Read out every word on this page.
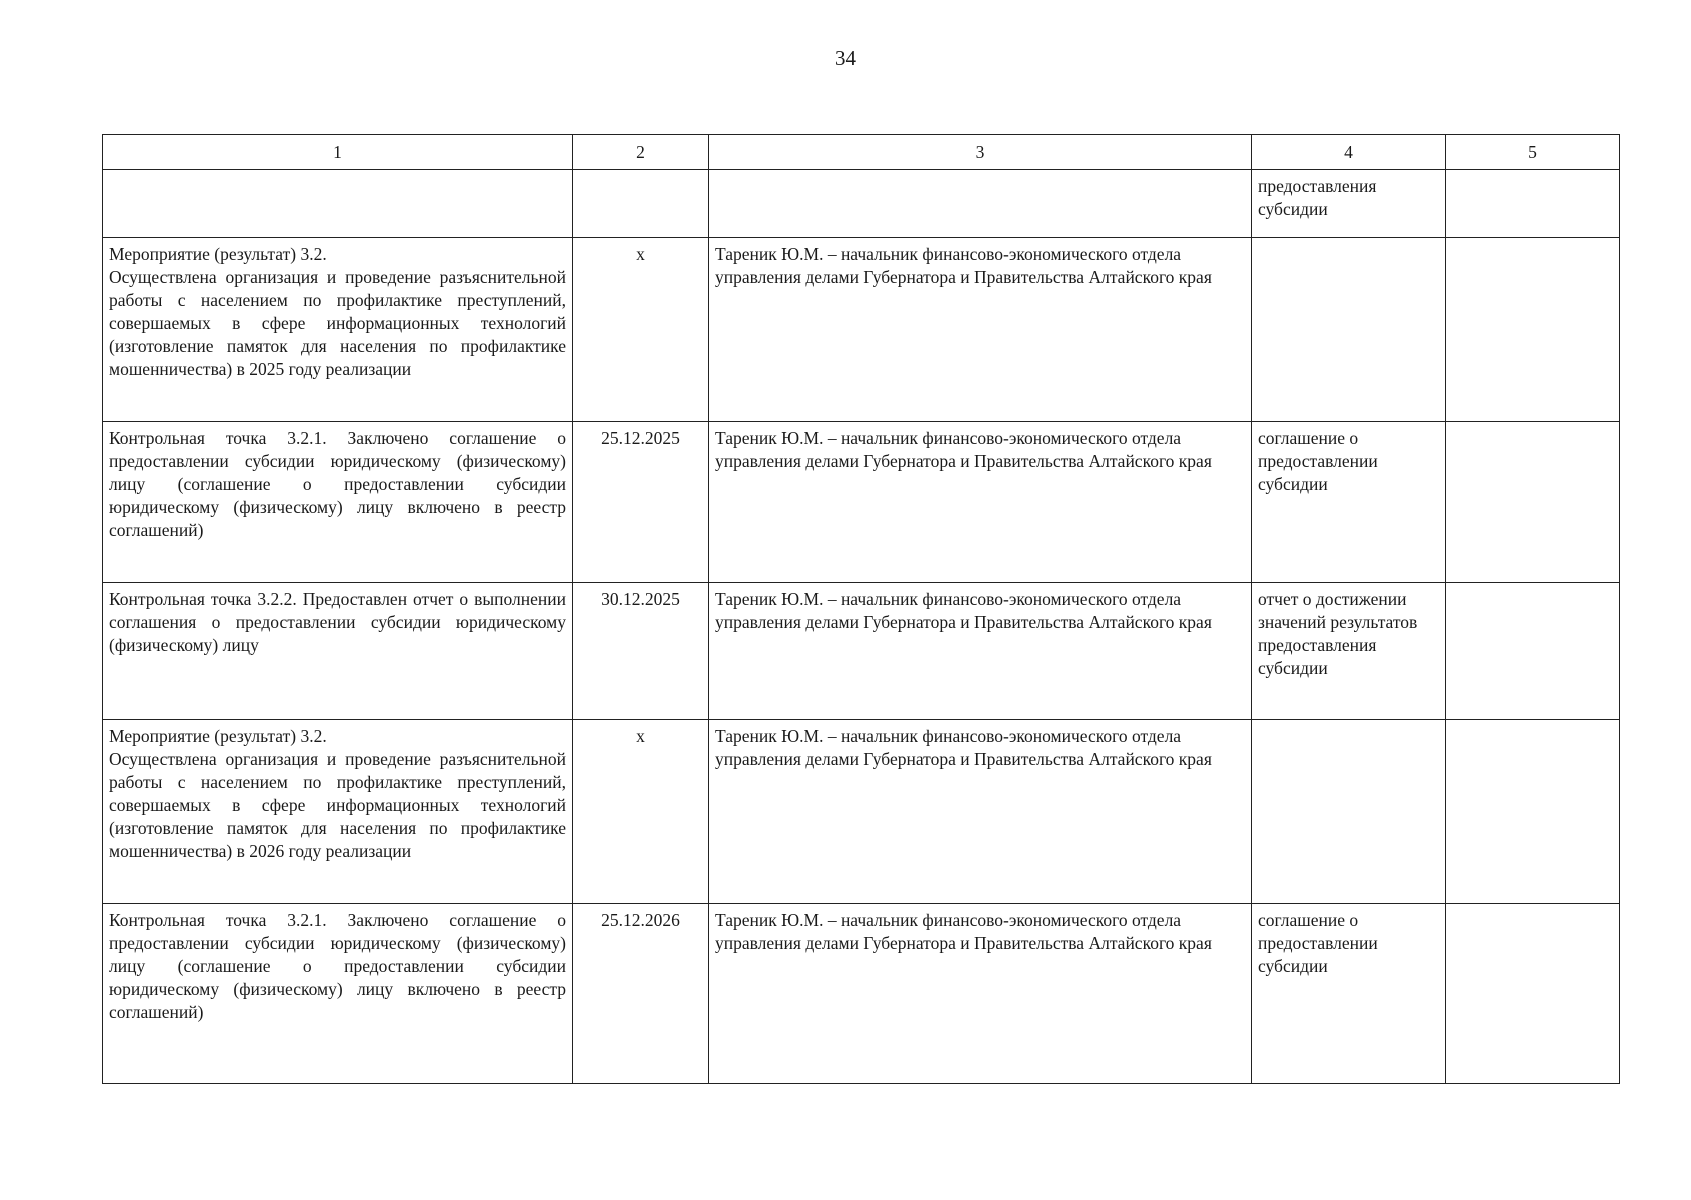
34
1	2	3	4	5
			предоставления субсидии	

Мероприятие (результат) 3.2.
Осуществлена организация и проведение разъяснительной работы с населением по профилактике преступлений, совершаемых в сфере информационных технологий (изготовление памяток для населения по профилактике мошенничества) в 2025 году реализации	х	Тареник Ю.М. – начальник финансово-экономического отдела управления делами Губернатора и Правительства Алтайского края		
Контрольная точка 3.2.1. Заключено соглашение о предоставлении субсидии юридическому (физическому) лицу (соглашение о предоставлении субсидии юридическому (физическому) лицу включено в реестр соглашений)	25.12.2025	Тареник Ю.М. – начальник финансово-экономического отдела управления делами Губернатора и Правительства Алтайского края	соглашение о предоставлении субсидии	
Контрольная точка 3.2.2. Предоставлен отчет о выполнении соглашения о предоставлении субсидии юридическому (физическому) лицу	30.12.2025	Тареник Ю.М. – начальник финансово-экономического отдела управления делами Губернатора и Правительства Алтайского края	отчет о достижении значений результатов предоставления субсидии	

Мероприятие (результат) 3.2.
Осуществлена организация и проведение разъяснительной работы с населением по профилактике преступлений, совершаемых в сфере информационных технологий (изготовление памяток для населения по профилактике мошенничества) в 2026 году реализации	х	Тареник Ю.М. – начальник финансово-экономического отдела управления делами Губернатора и Правительства Алтайского края		
Контрольная точка 3.2.1. Заключено соглашение о предоставлении субсидии юридическому (физическому) лицу (соглашение о предоставлении субсидии юридическому (физическому) лицу включено в реестр соглашений)	25.12.2026	Тареник Ю.М. – начальник финансово-экономического отдела управления делами Губернатора и Правительства Алтайского края	соглашение о предоставлении субсидии	
